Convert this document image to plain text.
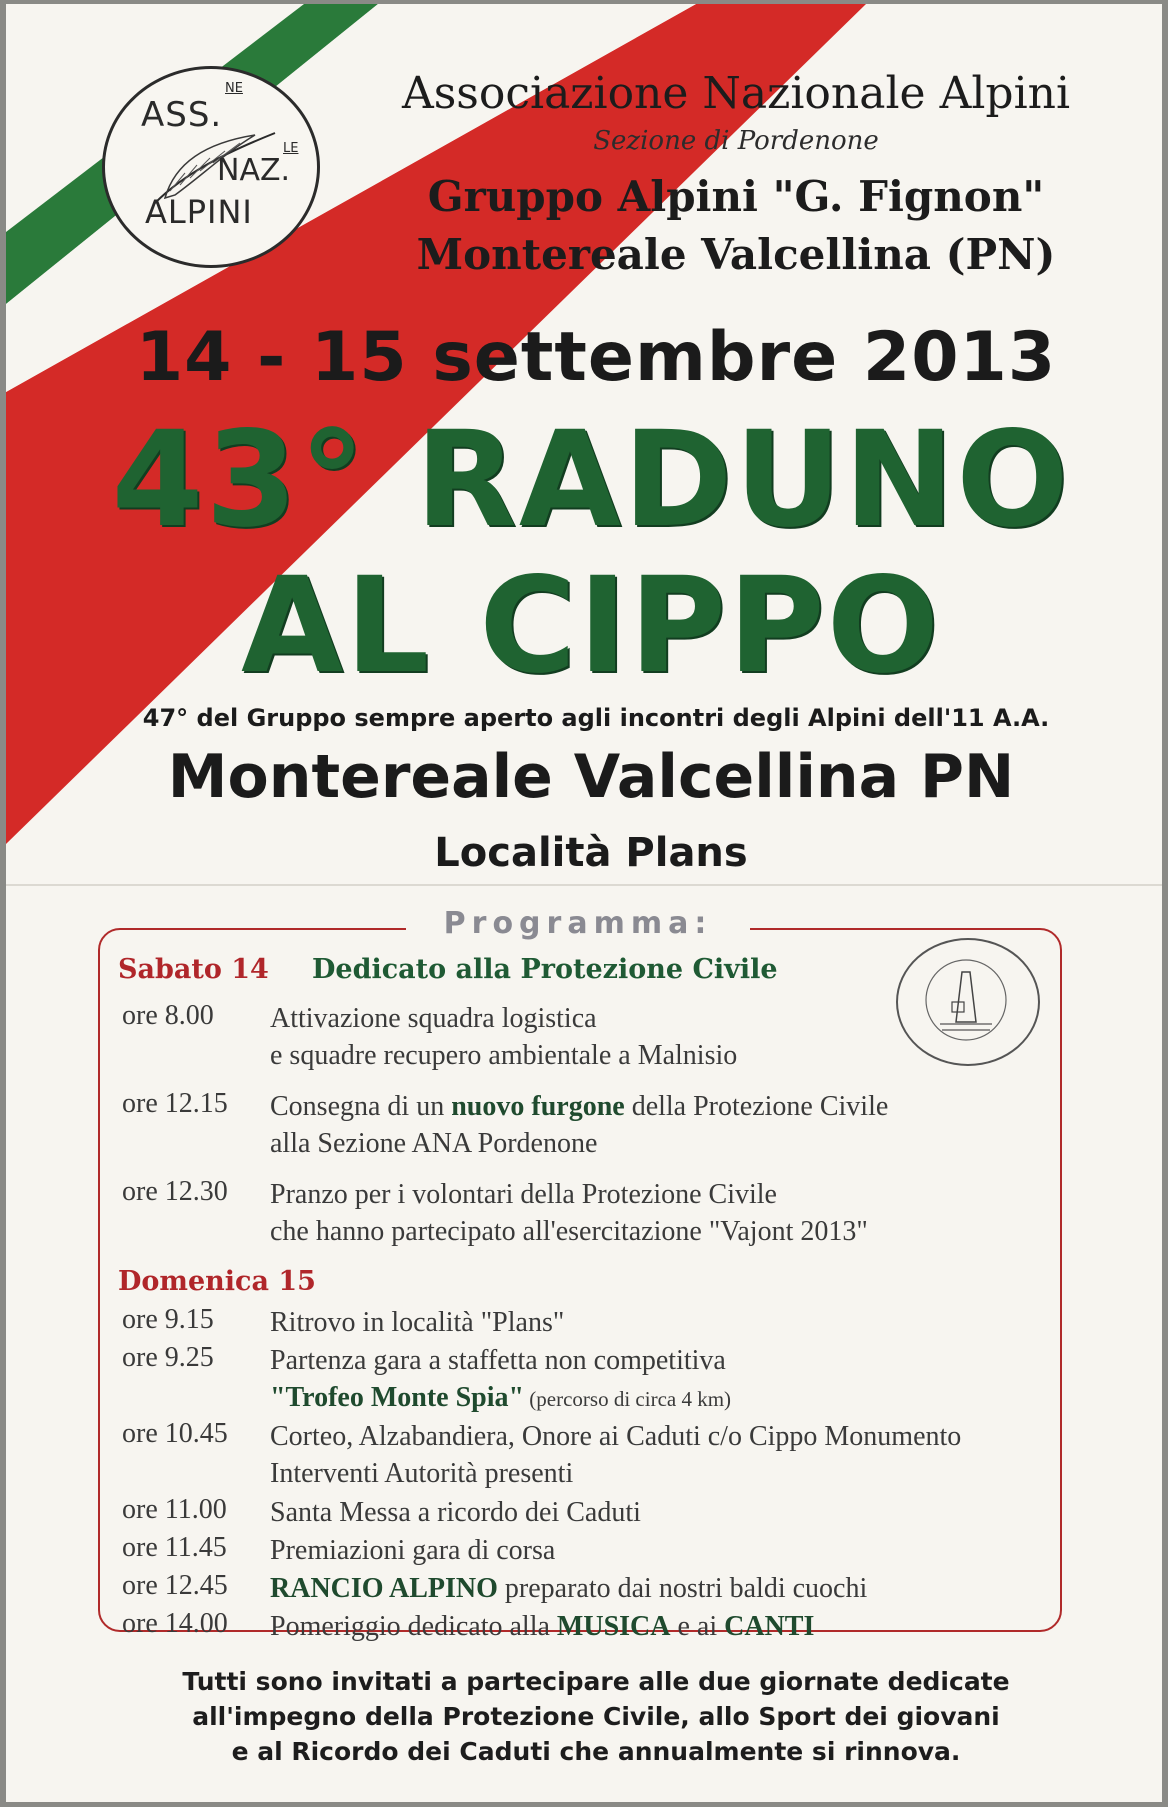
ASS.
NE
NAZ.
LE
ALPINI
Associazione Nazionale Alpini
Sezione di Pordenone
Gruppo Alpini "G. Fignon"
Montereale Valcellina (PN)
14 - 15 settembre 2013
43° RADUNO
AL CIPPO
47° del Gruppo sempre aperto agli incontri degli Alpini dell'11 A.A.
Montereale Valcellina PN
Località Plans
Programma:
Sabato 14 Dedicato alla Protezione Civile
ore 8.00	Attivazione squadra logistica
e squadre recupero ambientale a Malnisio
ore 12.15	Consegna di un nuovo furgone della Protezione Civile
alla Sezione ANA Pordenone
ore 12.30	Pranzo per i volontari della Protezione Civile
che hanno partecipato all'esercitazione "Vajont 2013"
Domenica 15
ore 9.15	Ritrovo in località "Plans"
ore 9.25	Partenza gara a staffetta non competitiva
"Trofeo Monte Spia" (percorso di circa 4 km)
ore 10.45	Corteo, Alzabandiera, Onore ai Caduti c/o Cippo Monumento
Interventi Autorità presenti
ore 11.00	Santa Messa a ricordo dei Caduti
ore 11.45	Premiazioni gara di corsa
ore 12.45	RANCIO ALPINO preparato dai nostri baldi cuochi
ore 14.00	Pomeriggio dedicato alla MUSICA e ai CANTI
Tutti sono invitati a partecipare alle due giornate dedicate
all'impegno della Protezione Civile, allo Sport dei giovani
e al Ricordo dei Caduti che annualmente si rinnova.
